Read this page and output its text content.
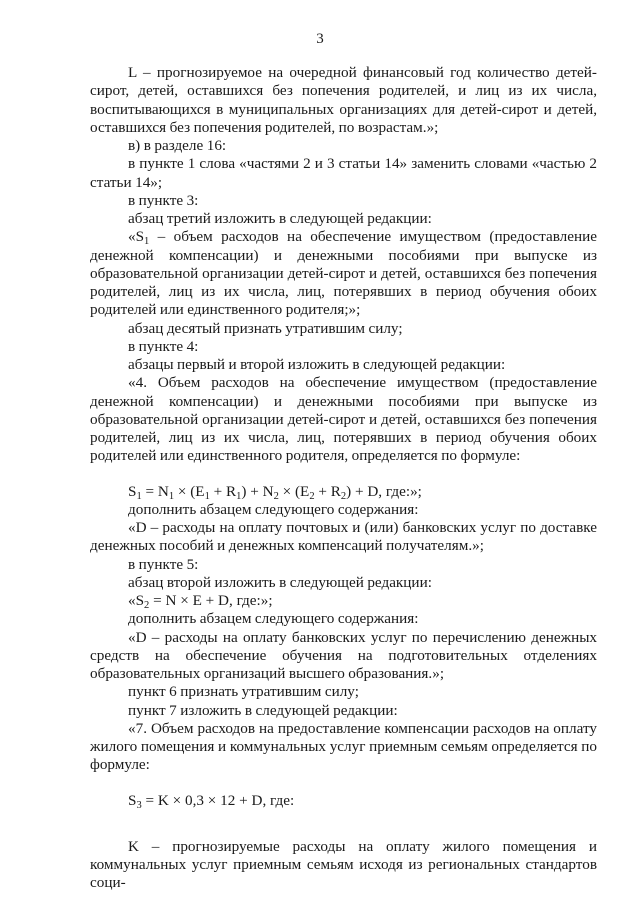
3

L – прогнозируемое на очередной финансовый год количество детей-сирот, детей, оставшихся без попечения родителей, и лиц из их числа, воспитывающихся в муниципальных организациях для детей-сирот и детей, оставшихся без попечения родителей, по возрастам.»;

в) в разделе 16:

в пункте 1 слова «частями 2 и 3 статьи 14» заменить словами «частью 2 статьи 14»;

в пункте 3:

абзац третий изложить в следующей редакции:

«$S_1$ – объем расходов на обеспечение имуществом (предоставление денежной компенсации) и денежными пособиями при выпуске из образовательной организации детей-сирот и детей, оставшихся без попечения родителей, лиц из их числа, лиц, потерявших в период обучения обоих родителей или единственного родителя;»;

абзац десятый признать утратившим силу;

в пункте 4:

абзацы первый и второй изложить в следующей редакции:

«4. Объем расходов на обеспечение имуществом (предоставление денежной компенсации) и денежными пособиями при выпуске из образовательной организации детей-сирот и детей, оставшихся без попечения родителей, лиц из их числа, лиц, потерявших в период обучения обоих родителей или единственного родителя, определяется по формуле:

$S_1 = N_1 \times (E_1 + R_1) + N_2 \times (E_2 + R_2) + D$, где:»;

дополнить абзацем следующего содержания:

«D – расходы на оплату почтовых и (или) банковских услуг по доставке денежных пособий и денежных компенсаций получателям.»;

в пункте 5:

абзац второй изложить в следующей редакции:

«$S_2 = N \times E + D$, где:»;

дополнить абзацем следующего содержания:

«D – расходы на оплату банковских услуг по перечислению денежных средств на обеспечение обучения на подготовительных отделениях образовательных организаций высшего образования.»;

пункт 6 признать утратившим силу;

пункт 7 изложить в следующей редакции:

«7. Объем расходов на предоставление компенсации расходов на оплату жилого помещения и коммунальных услуг приемным семьям определяется по формуле:

$S_3 = K \times 0,3 \times 12 + D$, где:

K – прогнозируемые расходы на оплату жилого помещения и коммунальных услуг приемным семьям исходя из региональных стандартов соци-
